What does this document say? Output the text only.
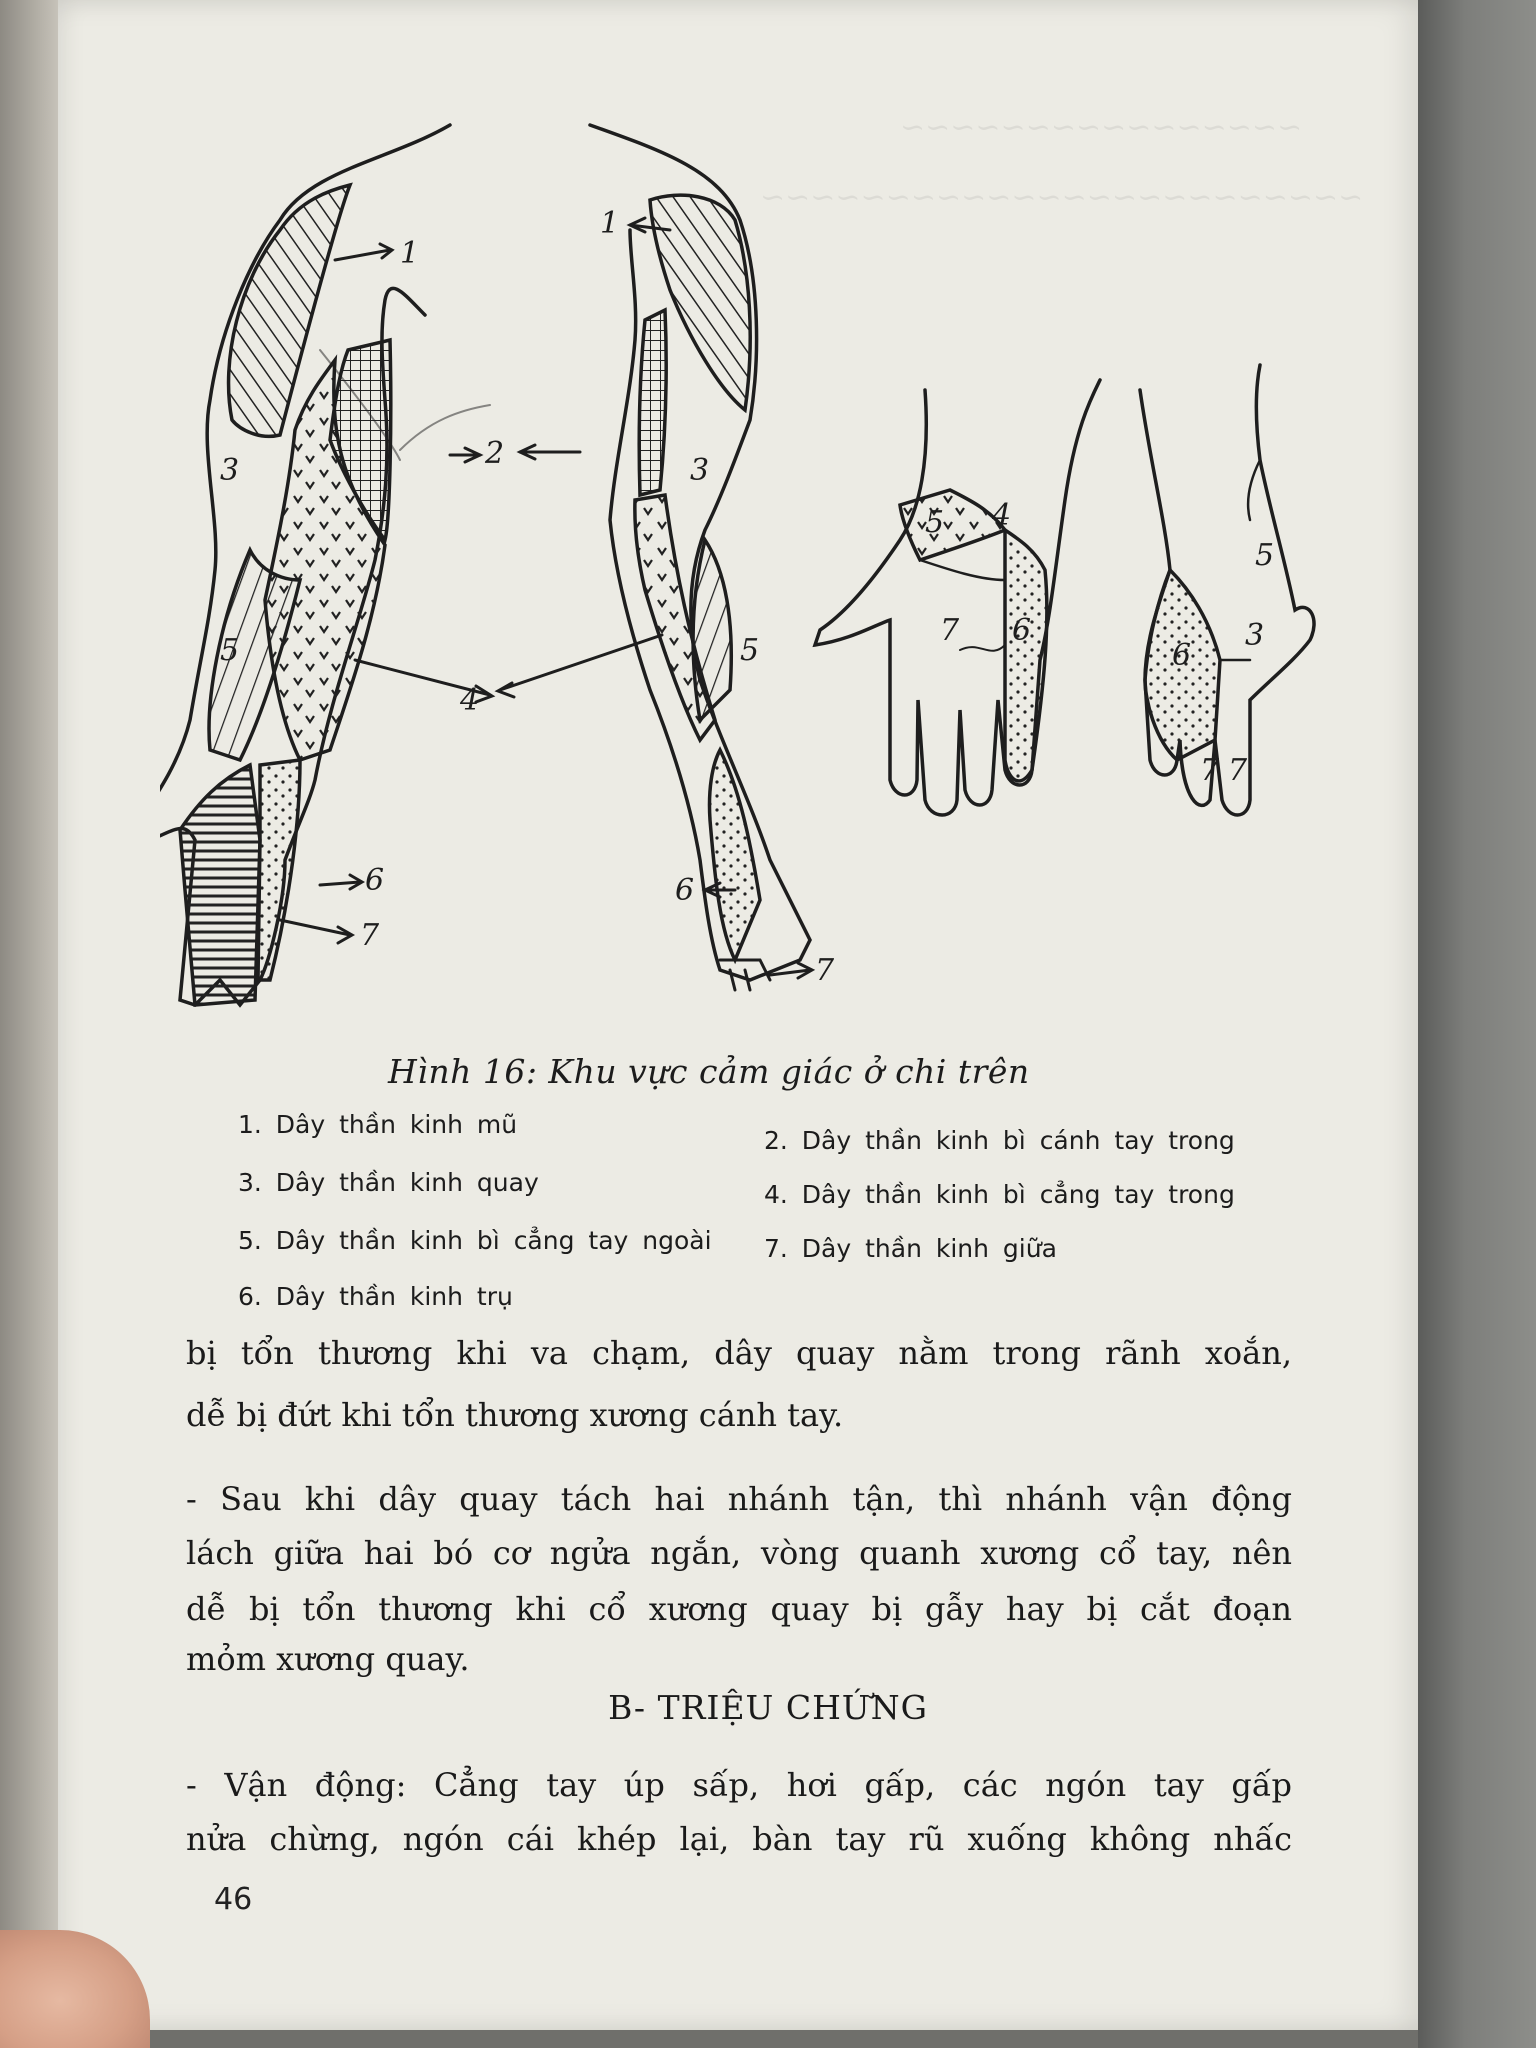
~~~~~~~~~~~~~~~~
~~~~~~~~~~~~~~~~~~~~~~~~
1
2
3
4
5
6
7
1
3
5
6
7
4
5
6
7	3
5
6
7 7
Hình 16: Khu vực cảm giác ở chi trên
1. Dây thần kinh mũ
2. Dây thần kinh bì cánh tay trong
3. Dây thần kinh quay	4. Dây thần kinh bì cẳng tay trong
5. Dây thần kinh bì cẳng tay ngoài 7. Dây thần kinh giữa
6. Dây thần kinh trụ
bị tổn thương khi va chạm, dây quay nằm trong rãnh xoắn,
dễ bị đứt khi tổn thương xương cánh tay.
- Sau khi dây quay tách hai nhánh tận, thì nhánh vận động
lách giữa hai bó cơ ngửa ngắn, vòng quanh xương cổ tay, nên
dễ bị tổn thương khi cổ xương quay bị gẫy hay bị cắt đoạn
mỏm xương quay.
B- TRIỆU CHỨNG
- Vận động: Cẳng tay úp sấp, hơi gấp, các ngón tay gấp
nửa chừng, ngón cái khép lại, bàn tay rũ xuống không nhấc
46
